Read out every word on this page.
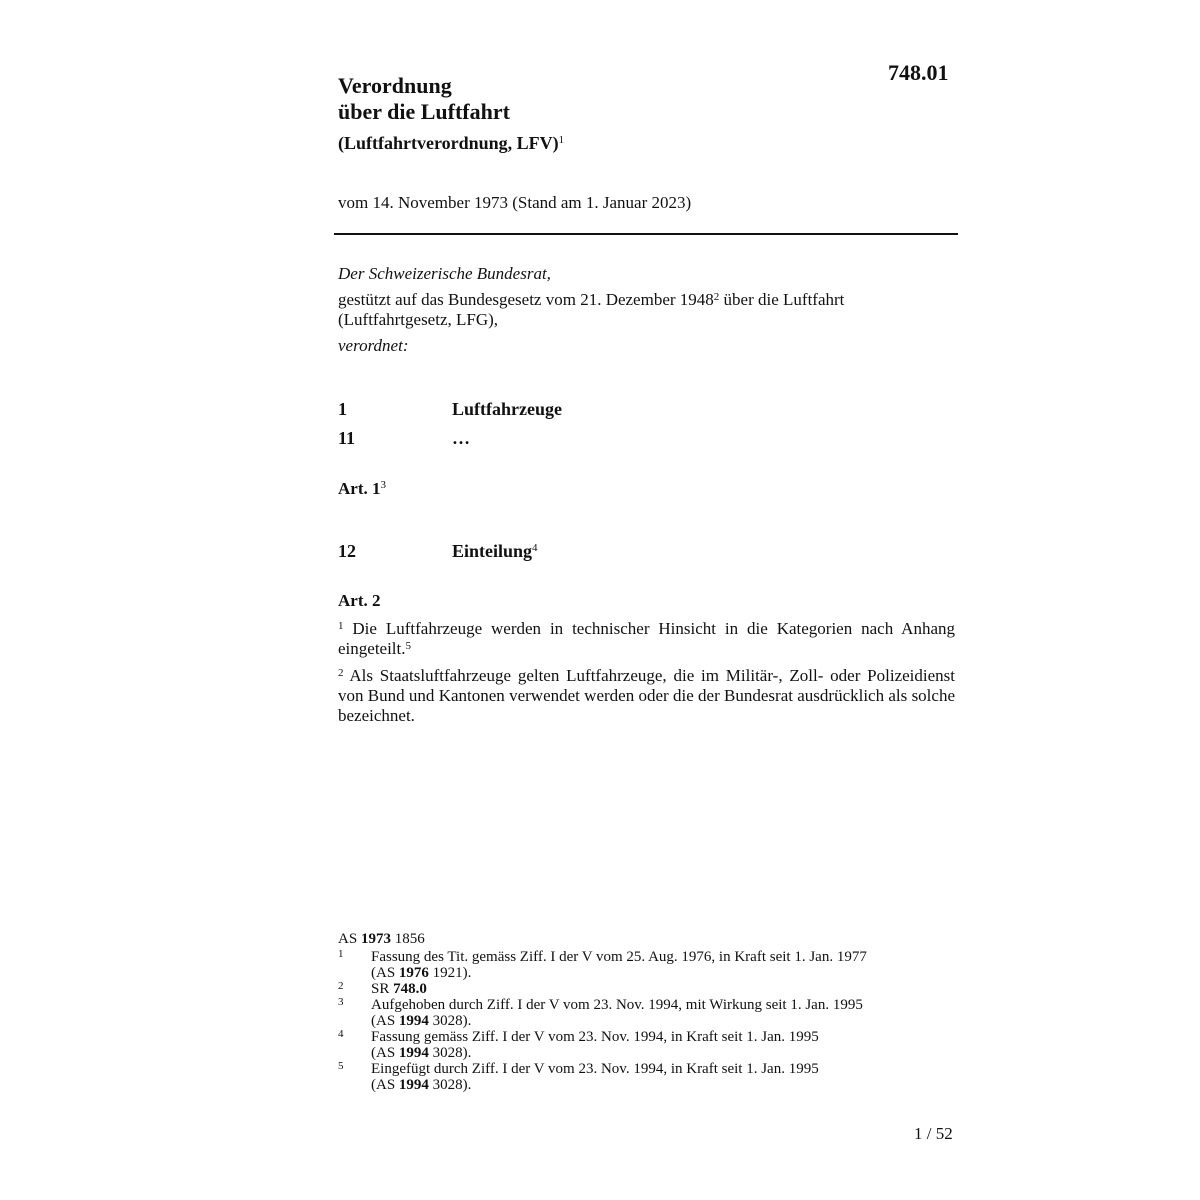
748.01
Verordnung
über die Luftfahrt
(Luftfahrtverordnung, LFV)$^1$
vom 14. November 1973 (Stand am 1. Januar 2023)
Der Schweizerische Bundesrat,
gestützt auf das Bundesgesetz vom 21. Dezember 1948$^2$ über die Luftfahrt (Luftfahrtgesetz, LFG),
verordnet:
1	Luftfahrzeuge
11	…
Art. $1^3$
12	Einteilung$^4$
Art. 2
$^1$ Die Luftfahrzeuge werden in technischer Hinsicht in die Kategorien nach Anhang eingeteilt.$^5$
$^2$ Als Staatsluftfahrzeuge gelten Luftfahrzeuge, die im Militär-, Zoll- oder Polizeidienst von Bund und Kantonen verwendet werden oder die der Bundesrat ausdrücklich als solche bezeichnet.
AS 1973 1856
1 Fassung des Tit. gemäss Ziff. I der V vom 25. Aug. 1976, in Kraft seit 1. Jan. 1977
(AS 1976 1921).
2 SR 748.0
3 Aufgehoben durch Ziff. I der V vom 23. Nov. 1994, mit Wirkung seit 1. Jan. 1995
(AS 1994 3028).
4 Fassung gemäss Ziff. I der V vom 23. Nov. 1994, in Kraft seit 1. Jan. 1995
(AS 1994 3028).
5 Eingefügt durch Ziff. I der V vom 23. Nov. 1994, in Kraft seit 1. Jan. 1995
(AS 1994 3028).
1 / 52
